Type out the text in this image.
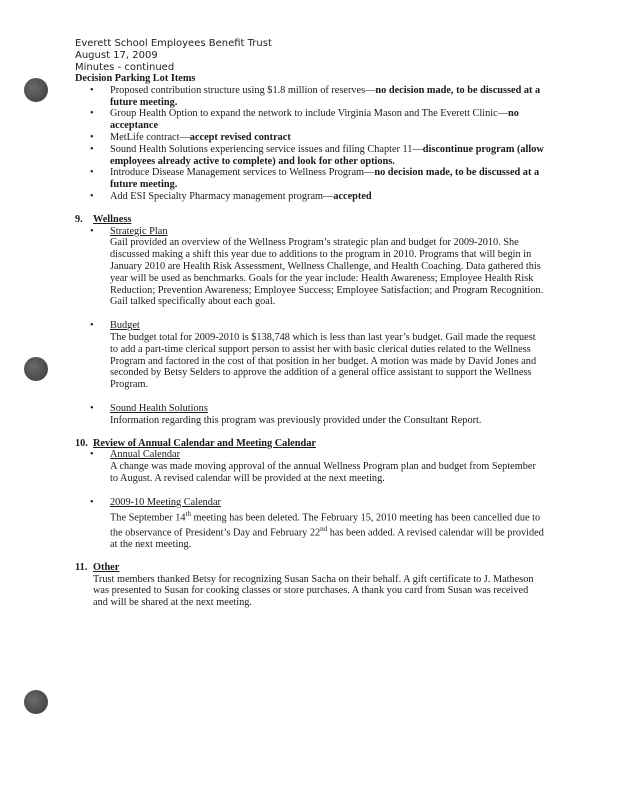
Everett School Employees Benefit Trust
August 17, 2009
Minutes - continued
Decision Parking Lot Items
• Proposed contribution structure using $1.8 million of reserves—no decision made, to be discussed at a future meeting.
• Group Health Option to expand the network to include Virginia Mason and The Everett Clinic—no acceptance
• MetLife contract—accept revised contract
• Sound Health Solutions experiencing service issues and filing Chapter 11—discontinue program (allow employees already active to complete) and look for other options.
• Introduce Disease Management services to Wellness Program—no decision made, to be discussed at a future meeting.
• Add ESI Specialty Pharmacy management program—accepted
9. Wellness
• Strategic Plan
Gail provided an overview of the Wellness Program’s strategic plan and budget for 2009-2010. She discussed making a shift this year due to additions to the program in 2010. Programs that will begin in January 2010 are Health Risk Assessment, Wellness Challenge, and Health Coaching. Data gathered this year will be used as benchmarks. Goals for the year include: Health Awareness; Employee Health Risk Reduction; Prevention Awareness; Employee Success; Employee Satisfaction; and Program Recognition. Gail talked specifically about each goal.
• Budget
The budget total for 2009-2010 is $138,748 which is less than last year’s budget. Gail made the request to add a part-time clerical support person to assist her with basic clerical duties related to the Wellness Program and factored in the cost of that position in her budget. A motion was made by David Jones and seconded by Betsy Selders to approve the addition of a general office assistant to support the Wellness Program.
• Sound Health Solutions
Information regarding this program was previously provided under the Consultant Report.
10. Review of Annual Calendar and Meeting Calendar
• Annual Calendar
A change was made moving approval of the annual Wellness Program plan and budget from September to August. A revised calendar will be provided at the next meeting.
• 2009-10 Meeting Calendar
The September 14th meeting has been deleted. The February 15, 2010 meeting has been cancelled due to the observance of President’s Day and February 22nd has been added. A revised calendar will be provided at the next meeting.
11. Other
Trust members thanked Betsy for recognizing Susan Sacha on their behalf. A gift certificate to J. Matheson was presented to Susan for cooking classes or store purchases. A thank you card from Susan was received and will be shared at the next meeting.
